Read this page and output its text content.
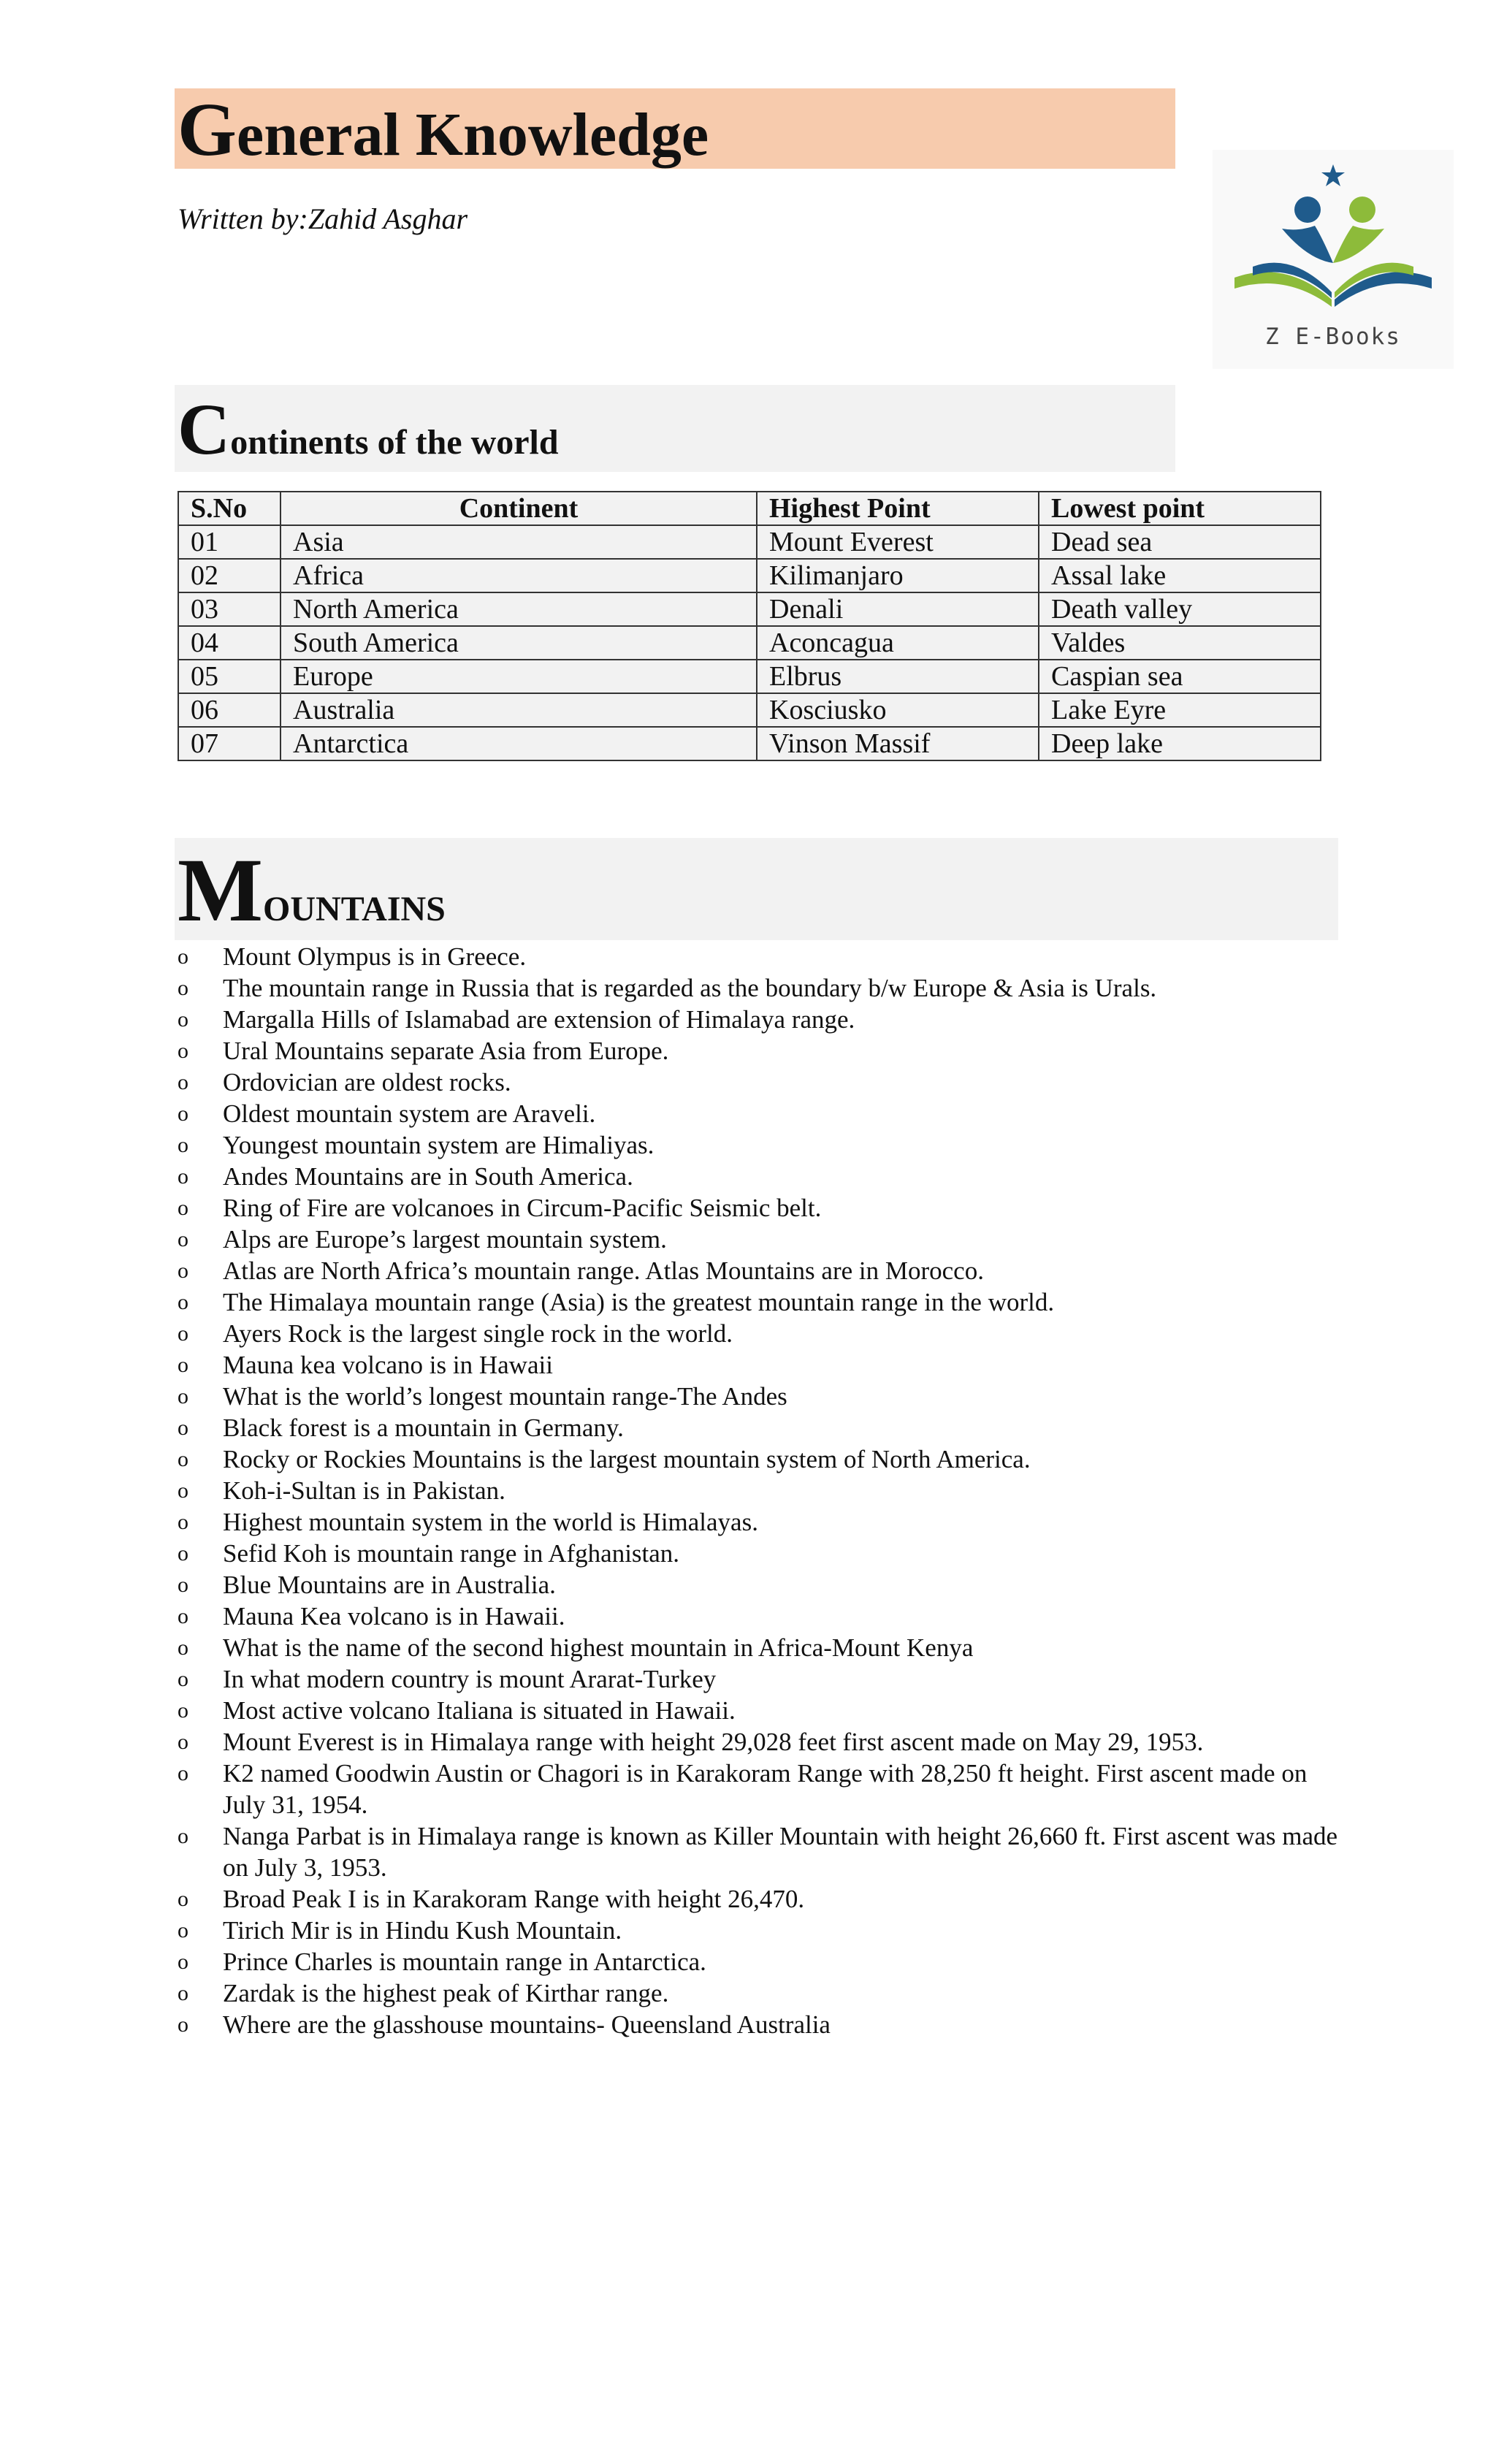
General Knowledge
Written by:Zahid Asghar
Z E-Books
Continents of the world
S.No	Continent	Highest Point	Lowest point
01	Asia	Mount Everest	Dead sea
02	Africa	Kilimanjaro	Assal lake
03	North America	Denali	Death valley
04	South America	Aconcagua	Valdes
05	Europe	Elbrus	Caspian sea
06	Australia	Kosciusko	Lake Eyre
07	Antarctica	Vinson Massif	Deep lake
MOUNTAINS
o	Mount Olympus is in Greece.
o	The mountain range in Russia that is regarded as the boundary b/w Europe & Asia is Urals.
o	Margalla Hills of Islamabad are extension of Himalaya range.
o	Ural Mountains separate Asia from Europe.
o	Ordovician are oldest rocks.
o	Oldest mountain system are Araveli.
o	Youngest mountain system are Himaliyas.
o	Andes Mountains are in South America.
o	Ring of Fire are volcanoes in Circum-Pacific Seismic belt.
o	Alps are Europe’s largest mountain system.
o	Atlas are North Africa’s mountain range. Atlas Mountains are in Morocco.
o	The Himalaya mountain range (Asia) is the greatest mountain range in the world.
o	Ayers Rock is the largest single rock in the world.
o	Mauna kea volcano is in Hawaii
o	What is the world’s longest mountain range-The Andes
o	Black forest is a mountain in Germany.
o	Rocky or Rockies Mountains is the largest mountain system of North America.
o	Koh-i-Sultan is in Pakistan.
o	Highest mountain system in the world is Himalayas.
o	Sefid Koh is mountain range in Afghanistan.
o	Blue Mountains are in Australia.
o	Mauna Kea volcano is in Hawaii.
o	What is the name of the second highest mountain in Africa-Mount Kenya
o	In what modern country is mount Ararat-Turkey
o	Most active volcano Italiana is situated in Hawaii.
o	Mount Everest is in Himalaya range with height 29,028 feet first ascent made on May 29, 1953.
o	K2 named Goodwin Austin or Chagori is in Karakoram Range with 28,250 ft height. First ascent made on July 31, 1954.
o	Nanga Parbat is in Himalaya range is known as Killer Mountain with height 26,660 ft. First ascent was made on July 3, 1953.
o	Broad Peak I is in Karakoram Range with height 26,470.
o	Tirich Mir is in Hindu Kush Mountain.
o	Prince Charles is mountain range in Antarctica.
o	Zardak is the highest peak of Kirthar range.
o	Where are the glasshouse mountains- Queensland Australia
